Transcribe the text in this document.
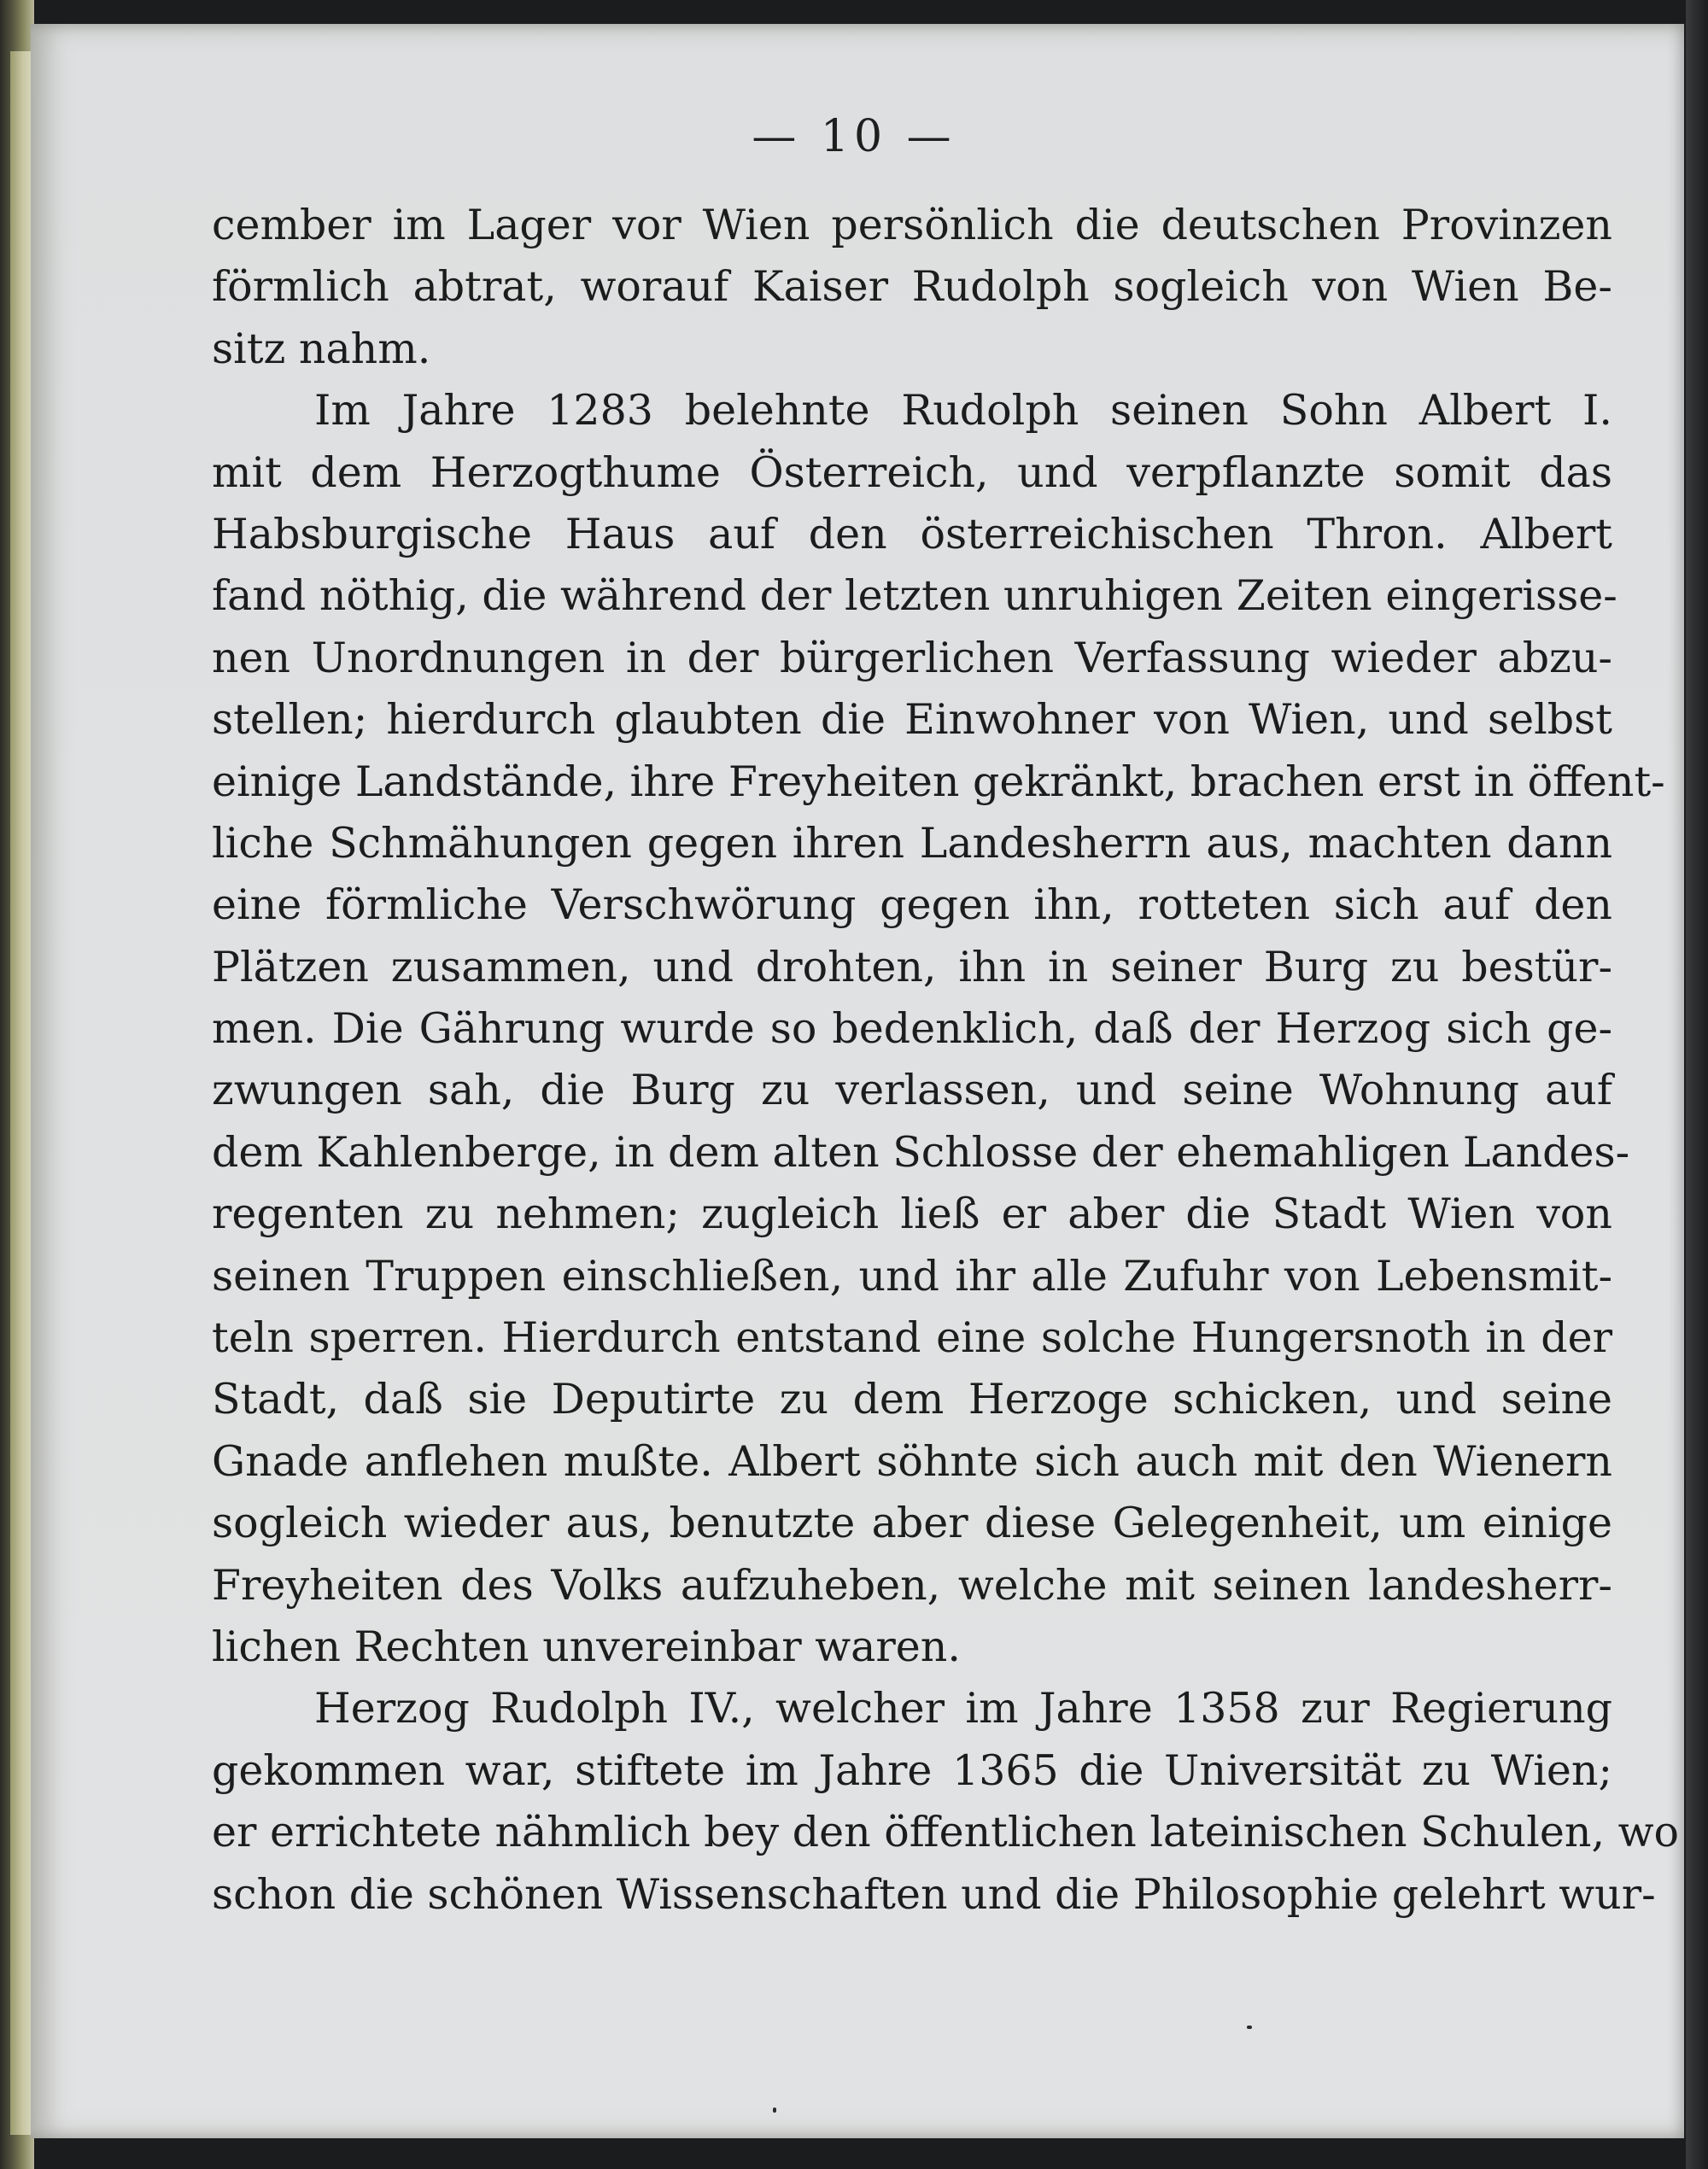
— 10 —
cember im Lager vor Wien persönlich die deutschen Provinzen
förmlich abtrat, worauf Kaiser Rudolph sogleich von Wien Be-
sitz nahm.
Im Jahre 1283 belehnte Rudolph seinen Sohn Albert I.
mit dem Herzogthume Österreich, und verpflanzte somit das
Habsburgische Haus auf den österreichischen Thron. Albert
fand nöthig, die während der letzten unruhigen Zeiten eingerisse-
nen Unordnungen in der bürgerlichen Verfassung wieder abzu-
stellen; hierdurch glaubten die Einwohner von Wien, und selbst
einige Landstände, ihre Freyheiten gekränkt, brachen erst in öffent-
liche Schmähungen gegen ihren Landesherrn aus, machten dann
eine förmliche Verschwörung gegen ihn, rotteten sich auf den
Plätzen zusammen, und drohten, ihn in seiner Burg zu bestür-
men. Die Gährung wurde so bedenklich, daß der Herzog sich ge-
zwungen sah, die Burg zu verlassen, und seine Wohnung auf
dem Kahlenberge, in dem alten Schlosse der ehemahligen Landes-
regenten zu nehmen; zugleich ließ er aber die Stadt Wien von
seinen Truppen einschließen, und ihr alle Zufuhr von Lebensmit-
teln sperren. Hierdurch entstand eine solche Hungersnoth in der
Stadt, daß sie Deputirte zu dem Herzoge schicken, und seine
Gnade anflehen mußte. Albert söhnte sich auch mit den Wienern
sogleich wieder aus, benutzte aber diese Gelegenheit, um einige
Freyheiten des Volks aufzuheben, welche mit seinen landesherr-
lichen Rechten unvereinbar waren.
Herzog Rudolph IV., welcher im Jahre 1358 zur Regierung
gekommen war, stiftete im Jahre 1365 die Universität zu Wien;
er errichtete nähmlich bey den öffentlichen lateinischen Schulen, wo
schon die schönen Wissenschaften und die Philosophie gelehrt wur-
